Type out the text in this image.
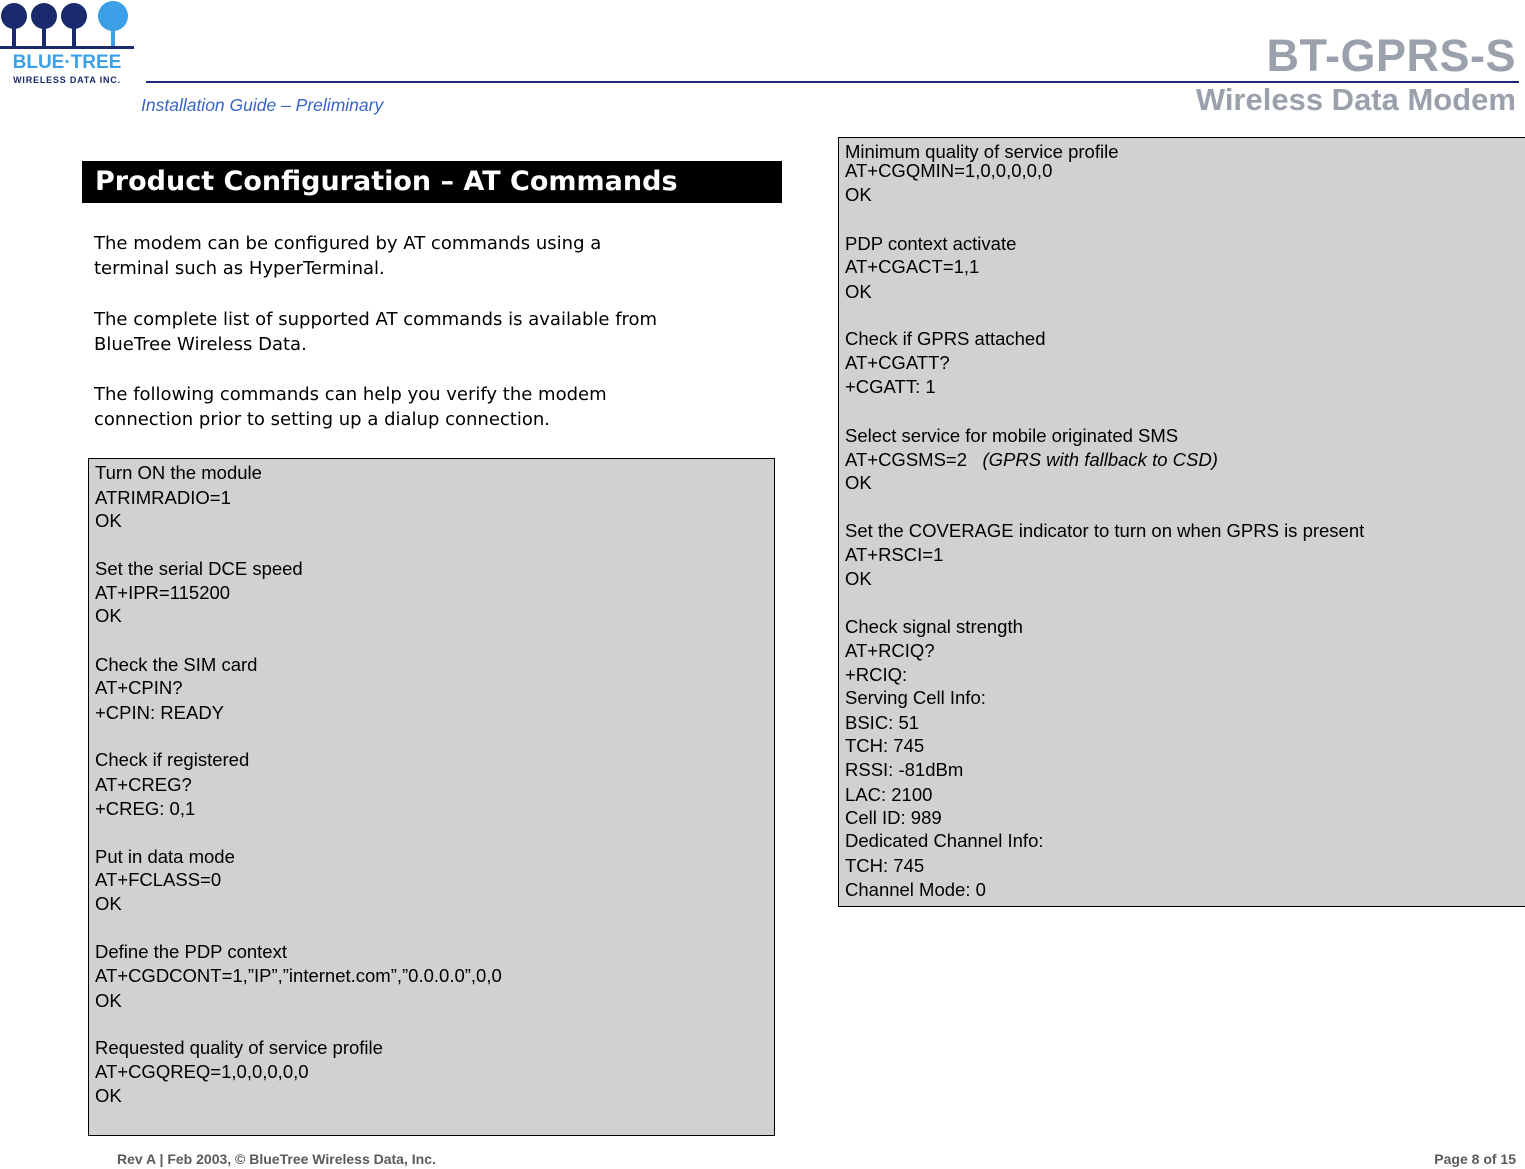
BLUE·TREE
WIRELESS DATA INC.
Installation Guide – Preliminary
BT-GPRS-S
Wireless Data Modem
Product Configuration – AT Commands
The modem can be configured by AT commands using a
terminal such as HyperTerminal.
The complete list of supported AT commands is available from
BlueTree Wireless Data.
The following commands can help you verify the modem
connection prior to setting up a dialup connection.
Turn ON the module
ATRIMRADIO=1
OK
Set the serial DCE speed
AT+IPR=115200
OK
Check the SIM card
AT+CPIN?
+CPIN: READY
Check if registered
AT+CREG?
+CREG: 0,1
Put in data mode
AT+FCLASS=0
OK
Define the PDP context
AT+CGDCONT=1,”IP”,”internet.com”,”0.0.0.0”,0,0
OK
Requested quality of service profile
AT+CGQREQ=1,0,0,0,0,0
OK
Minimum quality of service profile
AT+CGQMIN=1,0,0,0,0,0
OK
PDP context activate
AT+CGACT=1,1
OK
Check if GPRS attached
AT+CGATT?
+CGATT: 1
Select service for mobile originated SMS
AT+CGSMS=2 (GPRS with fallback to CSD)
OK
Set the COVERAGE indicator to turn on when GPRS is present
AT+RSCI=1
OK
Check signal strength
AT+RCIQ?
+RCIQ:
Serving Cell Info:
BSIC: 51
TCH: 745
RSSI: -81dBm
LAC: 2100
Cell ID: 989
Dedicated Channel Info:
TCH: 745
Channel Mode: 0
Rev A | Feb 2003, © BlueTree Wireless Data, Inc.	Page 8 of 15
